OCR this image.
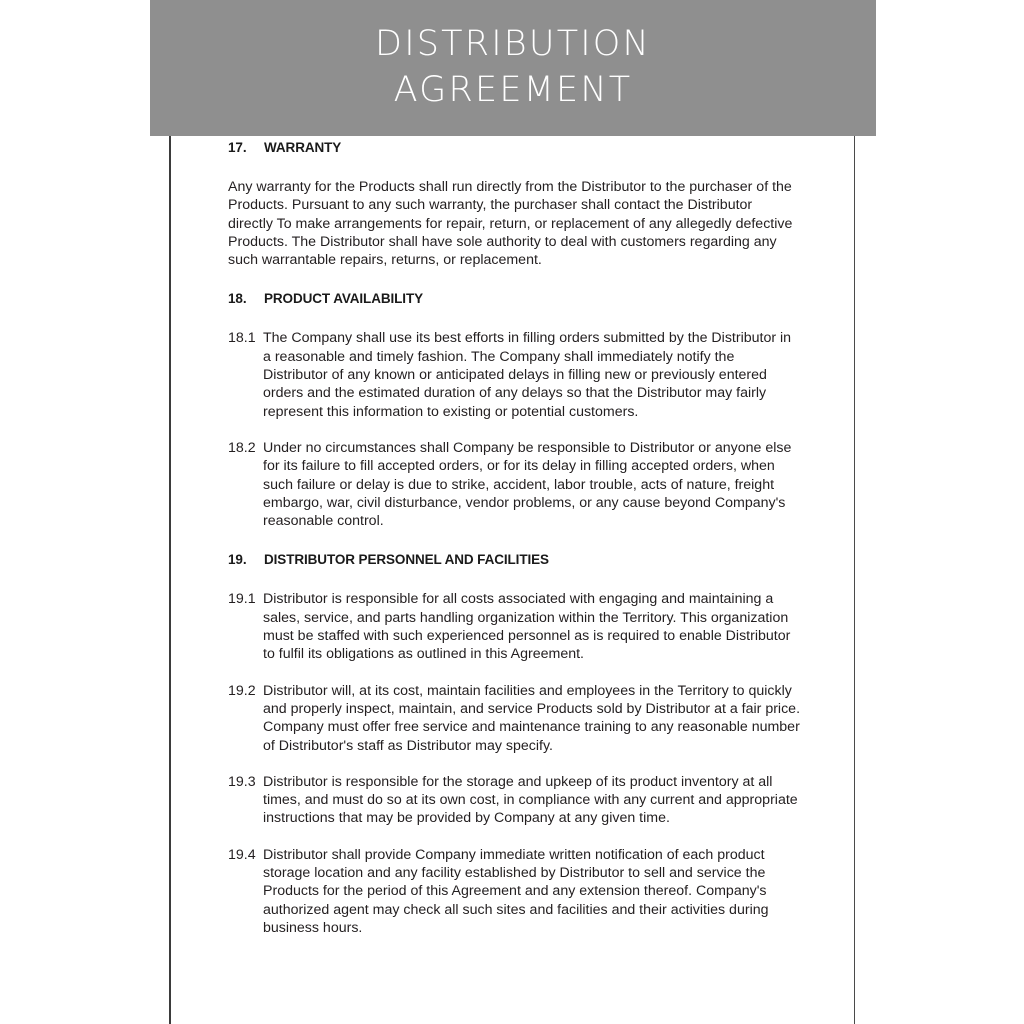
DISTRIBUTION
AGREEMENT
17.	WARRANTY
Any warranty for the Products shall run directly from the Distributor to the purchaser of the Products. Pursuant to any such warranty, the purchaser shall contact the Distributor directly To make arrangements for repair, return, or replacement of any allegedly defective Products. The Distributor shall have sole authority to deal with customers regarding any such warrantable repairs, returns, or replacement.
18.	PRODUCT AVAILABILITY
18.1 The Company shall use its best efforts in filling orders submitted by the Distributor in a reasonable and timely fashion. The Company shall immediately notify the Distributor of any known or anticipated delays in filling new or previously entered orders and the estimated duration of any delays so that the Distributor may fairly represent this information to existing or potential customers.
18.2 Under no circumstances shall Company be responsible to Distributor or anyone else for its failure to fill accepted orders, or for its delay in filling accepted orders, when such failure or delay is due to strike, accident, labor trouble, acts of nature, freight embargo, war, civil disturbance, vendor problems, or any cause beyond Company's reasonable control.
19.	DISTRIBUTOR PERSONNEL AND FACILITIES
19.1 Distributor is responsible for all costs associated with engaging and maintaining a sales, service, and parts handling organization within the Territory. This organization must be staffed with such experienced personnel as is required to enable Distributor to fulfil its obligations as outlined in this Agreement.
19.2 Distributor will, at its cost, maintain facilities and employees in the Territory to quickly and properly inspect, maintain, and service Products sold by Distributor at a fair price. Company must offer free service and maintenance training to any reasonable number of Distributor's staff as Distributor may specify.
19.3 Distributor is responsible for the storage and upkeep of its product inventory at all times, and must do so at its own cost, in compliance with any current and appropriate instructions that may be provided by Company at any given time.
19.4 Distributor shall provide Company immediate written notification of each product storage location and any facility established by Distributor to sell and service the Products for the period of this Agreement and any extension thereof. Company's authorized agent may check all such sites and facilities and their activities during business hours.
